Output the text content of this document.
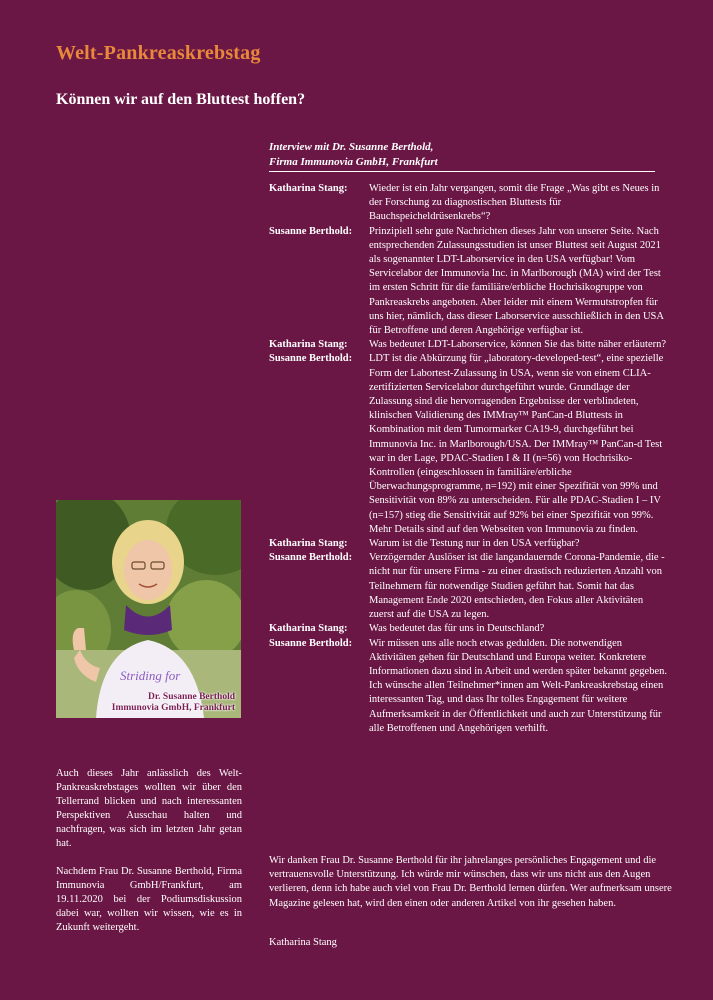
Welt-Pankreaskrebstag
Können wir auf den Bluttest hoffen?
Interview mit Dr. Susanne Berthold,
Firma Immunovia GmbH, Frankfurt
Katharina Stang:	Wieder ist ein Jahr vergangen, somit die Frage „Was gibt es Neues in der Forschung zu diagnostischen Bluttests für Bauchspeicheldrüsenkrebs“?
Susanne Berthold:	Prinzipiell sehr gute Nachrichten dieses Jahr von unserer Seite. Nach entsprechenden Zulassungsstudien ist unser Bluttest seit August 2021 als sogenannter LDT-Laborservice in den USA verfügbar! Vom Servicelabor der Immunovia Inc. in Marlborough (MA) wird der Test im ersten Schritt für die familiäre/erbliche Hochrisikogruppe von Pankreaskrebs angeboten. Aber leider mit einem Wermutstropfen für uns hier, nämlich, dass dieser Laborservice ausschließlich in den USA für Betroffene und deren Angehörige verfügbar ist.
Katharina Stang:	Was bedeutet LDT-Laborservice, können Sie das bitte näher erläutern?
Susanne Berthold:	LDT ist die Abkürzung für „laboratory-developed-test“, eine spezielle Form der Labortest-Zulassung in USA, wenn sie von einem CLIA-zertifizierten Servicelabor durchgeführt wurde. Grundlage der Zulassung sind die hervorragenden Ergebnisse der verblindeten, klinischen Validierung des IMMray™ PanCan-d Bluttests in Kombination mit dem Tumormarker CA19-9, durchgeführt bei Immunovia Inc. in Marlborough/USA. Der IMMray™ PanCan-d Test war in der Lage, PDAC-Stadien I & II (n=56) von Hochrisiko-Kontrollen (eingeschlossen in familiäre/erbliche Überwachungsprogramme, n=192) mit einer Spezifität von 99% und Sensitivität von 89% zu unterscheiden. Für alle PDAC-Stadien I – IV (n=157) stieg die Sensitivität auf 92% bei einer Spezifität von 99%. Mehr Details sind auf den Webseiten von Immunovia zu finden.
Katharina Stang:	Warum ist die Testung nur in den USA verfügbar?
Susanne Berthold:	Verzögernder Auslöser ist die langandauernde Corona-Pandemie, die - nicht nur für unsere Firma - zu einer drastisch reduzierten Anzahl von Teilnehmern für notwendige Studien geführt hat. Somit hat das Management Ende 2020 entschieden, den Fokus aller Aktivitäten zuerst auf die USA zu legen.
Katharina Stang:	Was bedeutet das für uns in Deutschland?
Susanne Berthold:	Wir müssen uns alle noch etwas gedulden. Die notwendigen Aktivitäten gehen für Deutschland und Europa weiter. Konkretere Informationen dazu sind in Arbeit und werden später bekannt gegeben.

Ich wünsche allen Teilnehmer*innen am Welt-Pankreaskrebstag einen interessanten Tag, und dass Ihr tolles Engagement für weitere Aufmerksamkeit in der Öffentlichkeit und auch zur Unterstützung für alle Betroffenen und Angehörigen verhilft.

Wir danken Frau Dr. Susanne Berthold für ihr jahrelanges persönliches Engagement und die vertrauensvolle Unterstützung. Ich würde mir wünschen, dass wir uns nicht aus den Augen verlieren, denn ich habe auch viel von Frau Dr. Berthold lernen dürfen. Wer aufmerksam unsere Magazine gelesen hat, wird den einen oder anderen Artikel von ihr gesehen haben.

Katharina Stang
Striding for
Dr. Susanne Berthold
Immunovia GmbH, Frankfurt

Auch dieses Jahr anlässlich des Welt-Pankreaskrebstages wollten wir über den Tellerrand blicken und nach interessanten Perspektiven Ausschau halten und nachfragen, was sich im letzten Jahr getan hat.

Nachdem Frau Dr. Susanne Berthold, Firma Immunovia GmbH/Frankfurt, am 19.11.2020 bei der Podiumsdiskussion dabei war, wollten wir wissen, wie es in Zukunft weitergeht.
